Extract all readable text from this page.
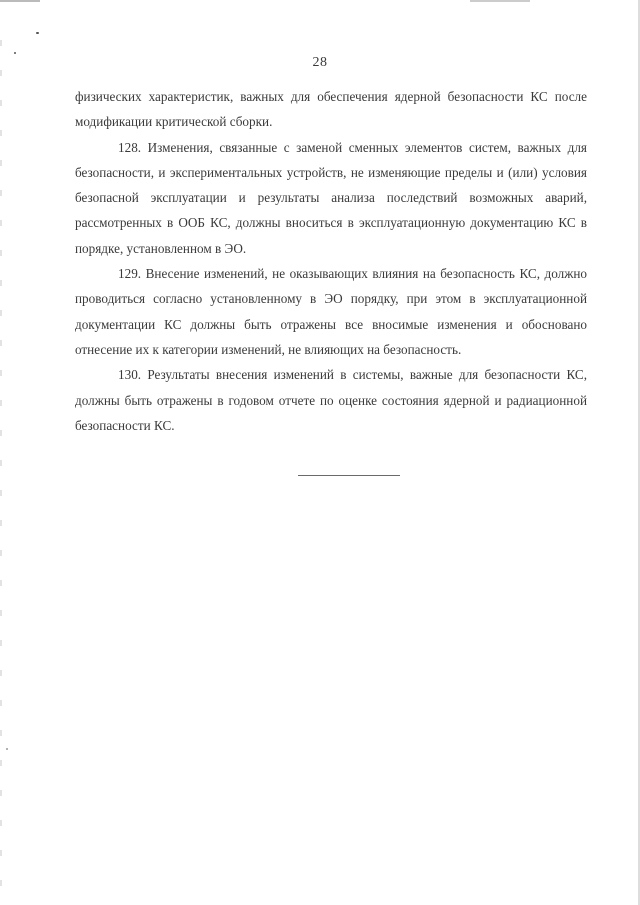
28

физических характеристик, важных для обеспечения ядерной безопасности КС после модификации критической сборки.

128. Изменения, связанные с заменой сменных элементов систем, важных для безопасности, и экспериментальных устройств, не изменяющие пределы и (или) условия безопасной эксплуатации и результаты анализа последствий возможных аварий, рассмотренных в ООБ КС, должны вноситься в эксплуатационную документацию КС в порядке, установленном в ЭО.

129. Внесение изменений, не оказывающих влияния на безопасность КС, должно проводиться согласно установленному в ЭО порядку, при этом в эксплуатационной документации КС должны быть отражены все вносимые изменения и обосновано отнесение их к категории изменений, не влияющих на безопасность.

130. Результаты внесения изменений в системы, важные для безопасности КС, должны быть отражены в годовом отчете по оценке состояния ядерной и радиационной безопасности КС.
